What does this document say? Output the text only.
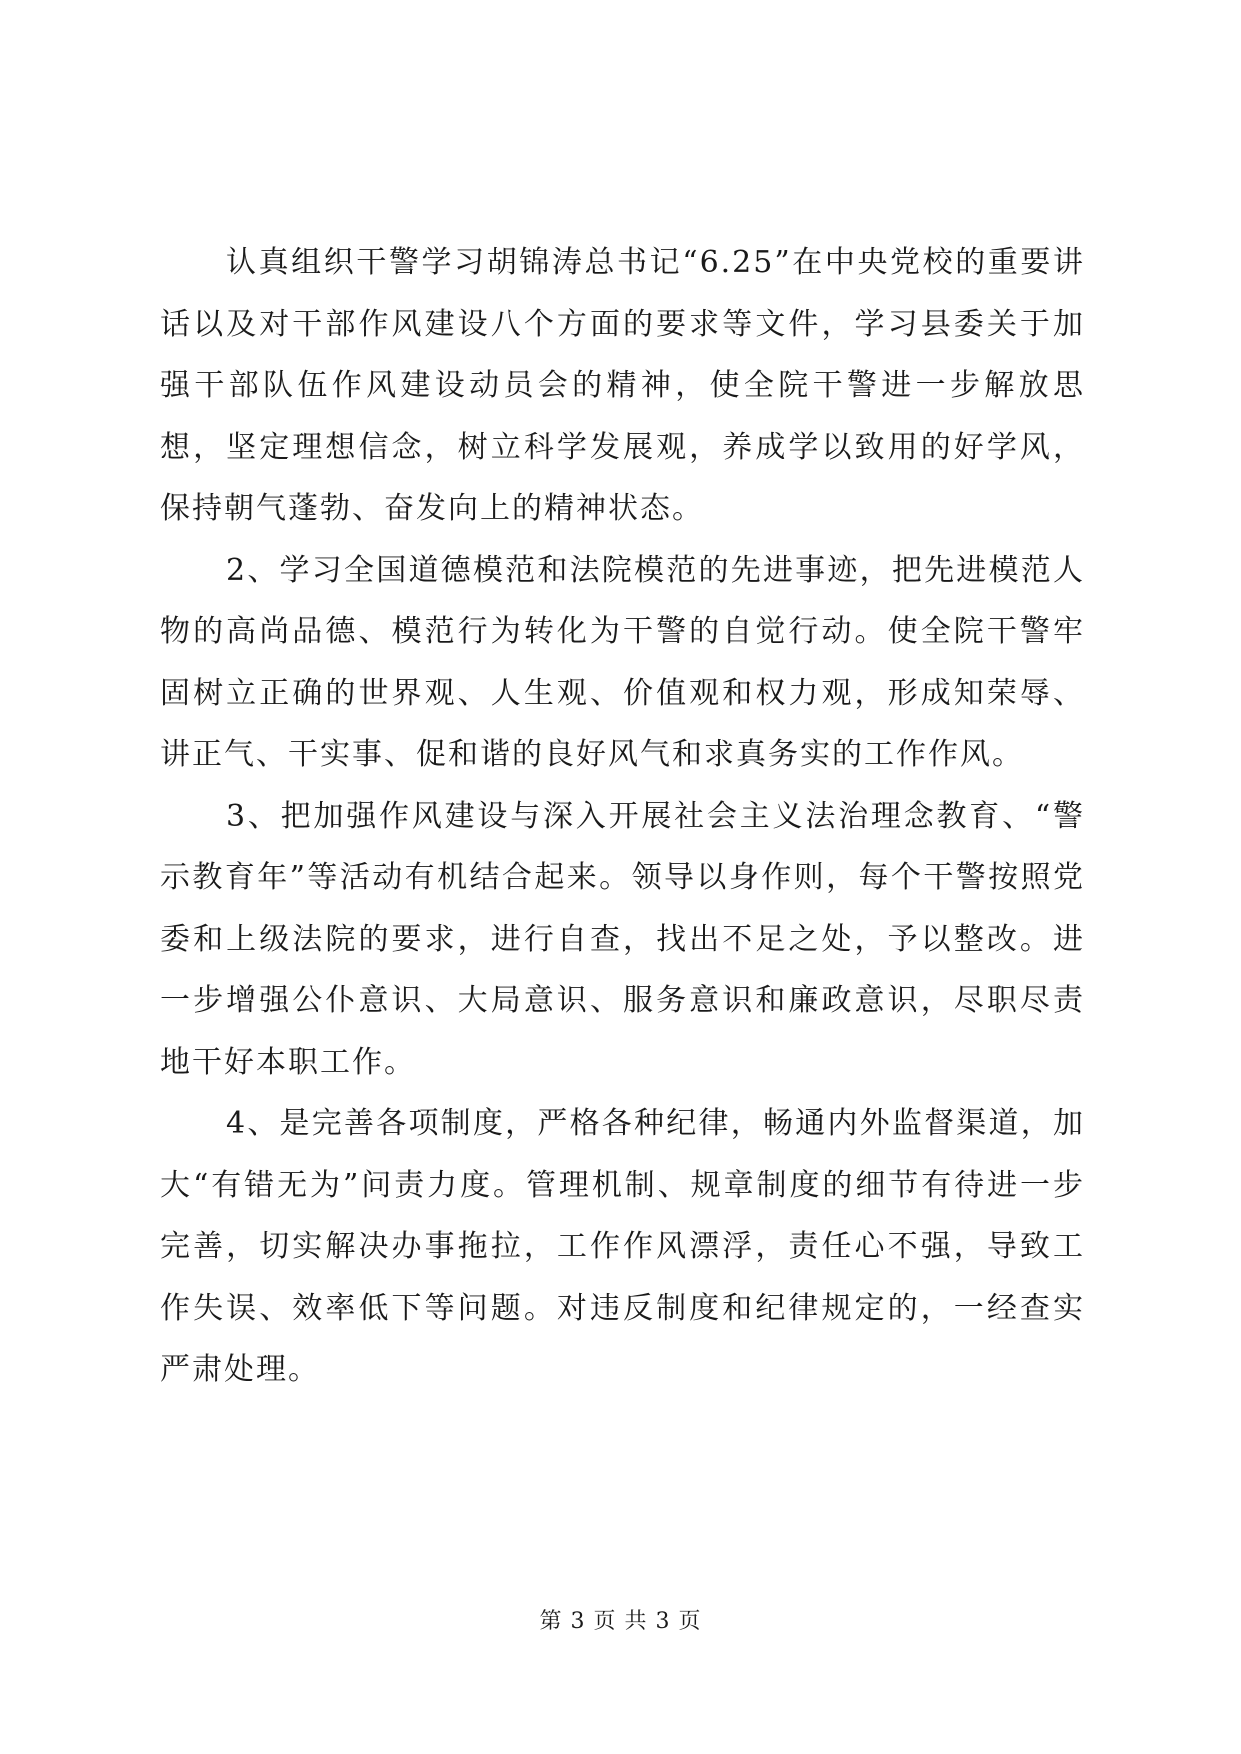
认真组织干警学习胡锦涛总书记“6.25”在中央党校的重要讲话以及对干部作风建设八个方面的要求等文件，学习县委关于加强干部队伍作风建设动员会的精神，使全院干警进一步解放思想，坚定理想信念，树立科学发展观，养成学以致用的好学风，保持朝气蓬勃、奋发向上的精神状态。

2、学习全国道德模范和法院模范的先进事迹，把先进模范人物的高尚品德、模范行为转化为干警的自觉行动。使全院干警牢固树立正确的世界观、人生观、价值观和权力观，形成知荣辱、讲正气、干实事、促和谐的良好风气和求真务实的工作作风。

3、把加强作风建设与深入开展社会主义法治理念教育、“警示教育年”等活动有机结合起来。领导以身作则，每个干警按照党委和上级法院的要求，进行自查，找出不足之处，予以整改。进一步增强公仆意识、大局意识、服务意识和廉政意识，尽职尽责地干好本职工作。

4、是完善各项制度，严格各种纪律，畅通内外监督渠道，加大“有错无为”问责力度。管理机制、规章制度的细节有待进一步完善，切实解决办事拖拉，工作作风漂浮，责任心不强，导致工作失误、效率低下等问题。对违反制度和纪律规定的，一经查实严肃处理。

第 3 页 共 3 页
